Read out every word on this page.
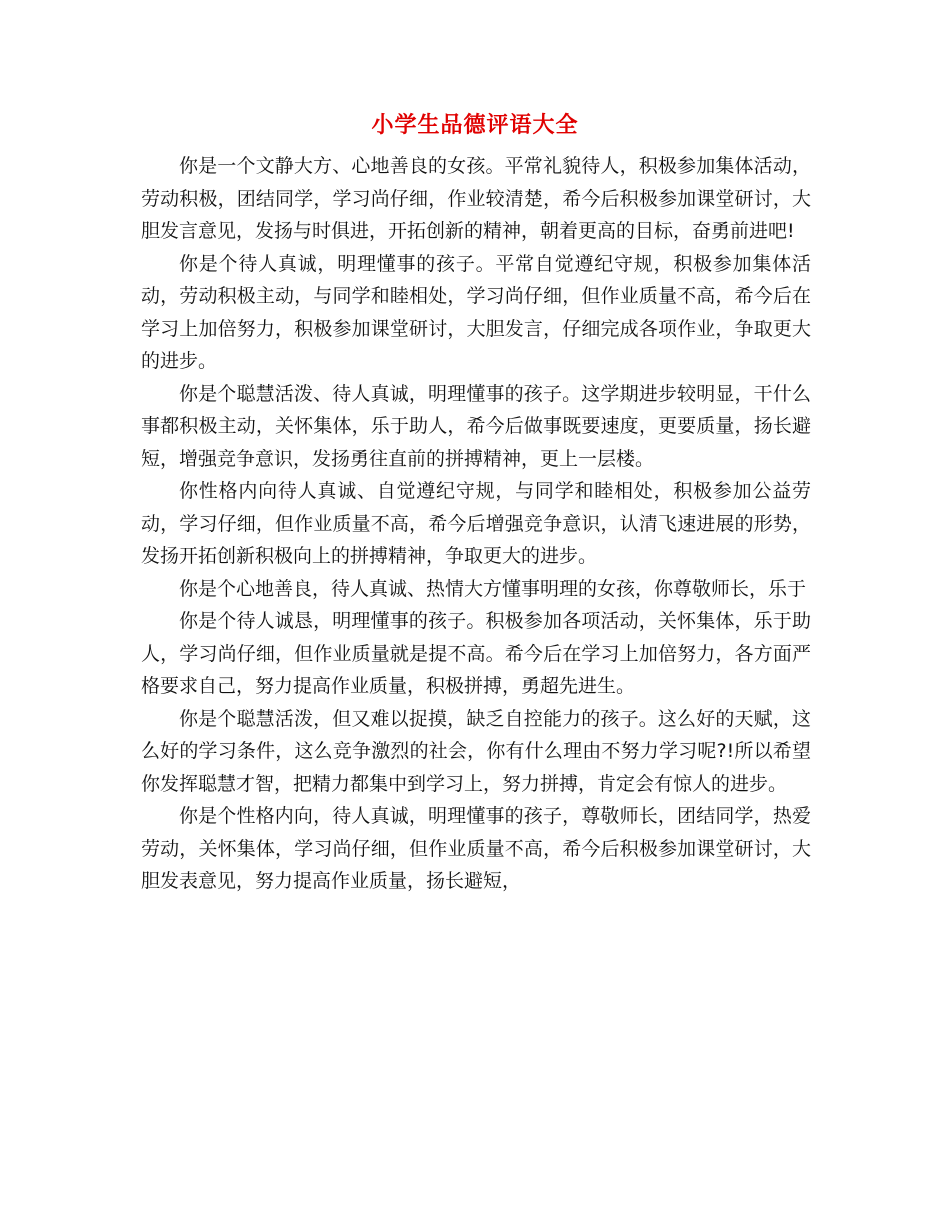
小学生品德评语大全

你是一个文静大方、心地善良的女孩。平常礼貌待人，积极参加集体活动，劳动积极，团结同学，学习尚仔细，作业较清楚，希今后积极参加课堂研讨，大胆发言意见，发扬与时俱进，开拓创新的精神，朝着更高的目标，奋勇前进吧!

你是个待人真诚，明理懂事的孩子。平常自觉遵纪守规，积极参加集体活动，劳动积极主动，与同学和睦相处，学习尚仔细，但作业质量不高，希今后在学习上加倍努力，积极参加课堂研讨，大胆发言，仔细完成各项作业，争取更大的进步。

你是个聪慧活泼、待人真诚，明理懂事的孩子。这学期进步较明显，干什么事都积极主动，关怀集体，乐于助人，希今后做事既要速度，更要质量，扬长避短，增强竞争意识，发扬勇往直前的拼搏精神，更上一层楼。

你性格内向待人真诚、自觉遵纪守规，与同学和睦相处，积极参加公益劳动，学习仔细，但作业质量不高，希今后增强竞争意识，认清飞速进展的形势，发扬开拓创新积极向上的拼搏精神，争取更大的进步。

你是个心地善良，待人真诚、热情大方懂事明理的女孩，你尊敬师长，乐于

你是个待人诚恳，明理懂事的孩子。积极参加各项活动，关怀集体，乐于助人，学习尚仔细，但作业质量就是提不高。希今后在学习上加倍努力，各方面严格要求自己，努力提高作业质量，积极拼搏，勇超先进生。

你是个聪慧活泼，但又难以捉摸，缺乏自控能力的孩子。这么好的天赋，这么好的学习条件，这么竞争激烈的社会，你有什么理由不努力学习呢?!所以希望你发挥聪慧才智，把精力都集中到学习上，努力拼搏，肯定会有惊人的进步。

你是个性格内向，待人真诚，明理懂事的孩子，尊敬师长，团结同学，热爱劳动，关怀集体，学习尚仔细，但作业质量不高，希今后积极参加课堂研讨，大胆发表意见，努力提高作业质量，扬长避短，
